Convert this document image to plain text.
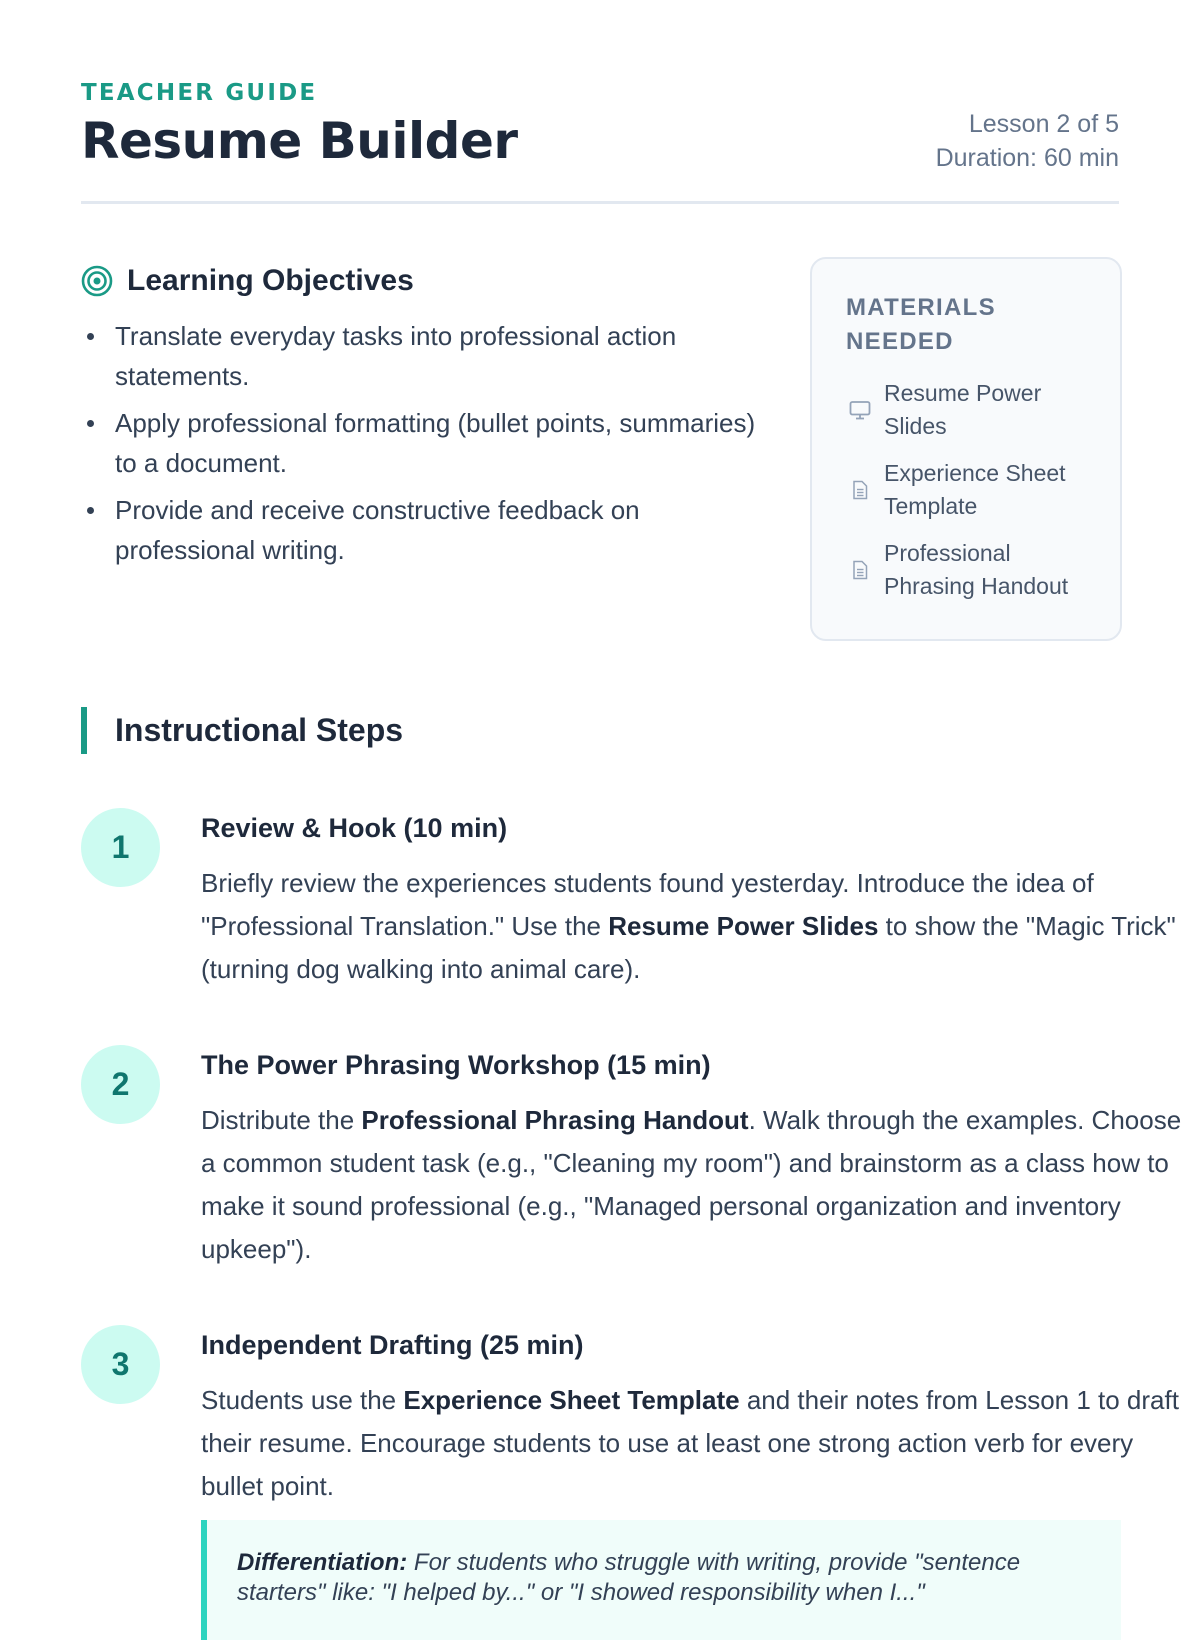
TEACHER GUIDE
Resume Builder	Lesson 2 of 5
Duration: 60 min
Learning Objectives
Translate everyday tasks into professional action statements.
Apply professional formatting (bullet points, summaries) to a document.
Provide and receive constructive feedback on professional writing.
MATERIALS NEEDED
Resume Power Slides
Experience Sheet Template
Professional Phrasing Handout
Instructional Steps
1
Review & Hook (10 min)

Briefly review the experiences students found yesterday. Introduce the idea of "Professional Translation." Use the Resume Power Slides to show the "Magic Trick" (turning dog walking into animal care).

2
The Power Phrasing Workshop (15 min)

Distribute the Professional Phrasing Handout. Walk through the examples. Choose a common student task (e.g., "Cleaning my room") and brainstorm as a class how to make it sound professional (e.g., "Managed personal organization and inventory upkeep").

3
Independent Drafting (25 min)

Students use the Experience Sheet Template and their notes from Lesson 1 to draft their resume. Encourage students to use at least one strong action verb for every bullet point.

Differentiation: For students who struggle with writing, provide "sentence starters" like: "I helped by..." or "I showed responsibility when I..."
